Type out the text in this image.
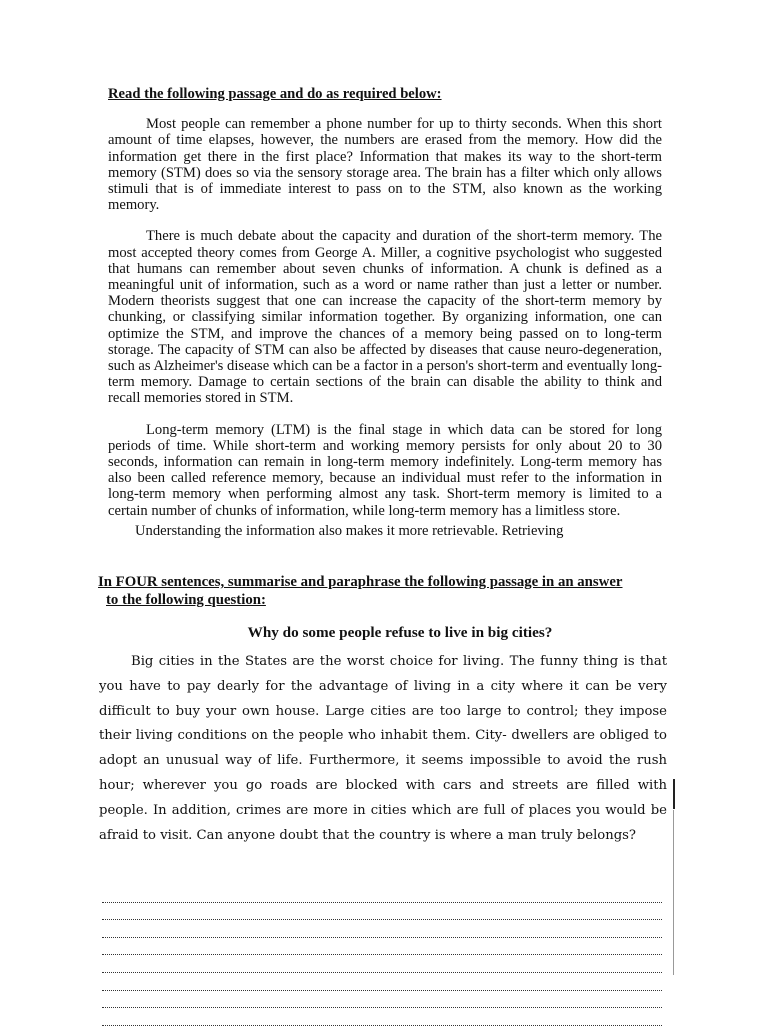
Read the following passage and do as required below:

Most people can remember a phone number for up to thirty seconds. When this short amount of time elapses, however, the numbers are erased from the memory. How did the information get there in the first place? Information that makes its way to the short-term memory (STM) does so via the sensory storage area. The brain has a filter which only allows stimuli that is of immediate interest to pass on to the STM, also known as the working memory.

There is much debate about the capacity and duration of the short-term memory. The most accepted theory comes from George A. Miller, a cognitive psychologist who suggested that humans can remember about seven chunks of information. A chunk is defined as a meaningful unit of information, such as a word or name rather than just a letter or number. Modern theorists suggest that one can increase the capacity of the short-term memory by chunking, or classifying similar information together. By organizing information, one can optimize the STM, and improve the chances of a memory being passed on to long-term storage. The capacity of STM can also be affected by diseases that cause neuro-degeneration, such as Alzheimer's disease which can be a factor in a person's short-term and eventually long-term memory. Damage to certain sections of the brain can disable the ability to think and recall memories stored in STM.

Long-term memory (LTM) is the final stage in which data can be stored for long periods of time. While short-term and working memory persists for only about 20 to 30 seconds, information can remain in long-term memory indefinitely. Long-term memory has also been called reference memory, because an individual must refer to the information in long-term memory when performing almost any task. Short-term memory is limited to a certain number of chunks of information, while long-term memory has a limitless store.

Understanding the information also makes it more retrievable. Retrieving

In FOUR sentences, summarise and paraphrase the following passage in an answer
to the following question:
Why do some people refuse to live in big cities?

Big cities in the States are the worst choice for living. The funny thing is that you have to pay dearly for the advantage of living in a city where it can be very difficult to buy your own house. Large cities are too large to control; they impose their living conditions on the people who inhabit them. City- dwellers are obliged to adopt an unusual way of life. Furthermore, it seems impossible to avoid the rush hour; wherever you go roads are blocked with cars and streets are filled with people. In addition, crimes are more in cities which are full of places you would be afraid to visit. Can anyone doubt that the country is where a man truly belongs?
